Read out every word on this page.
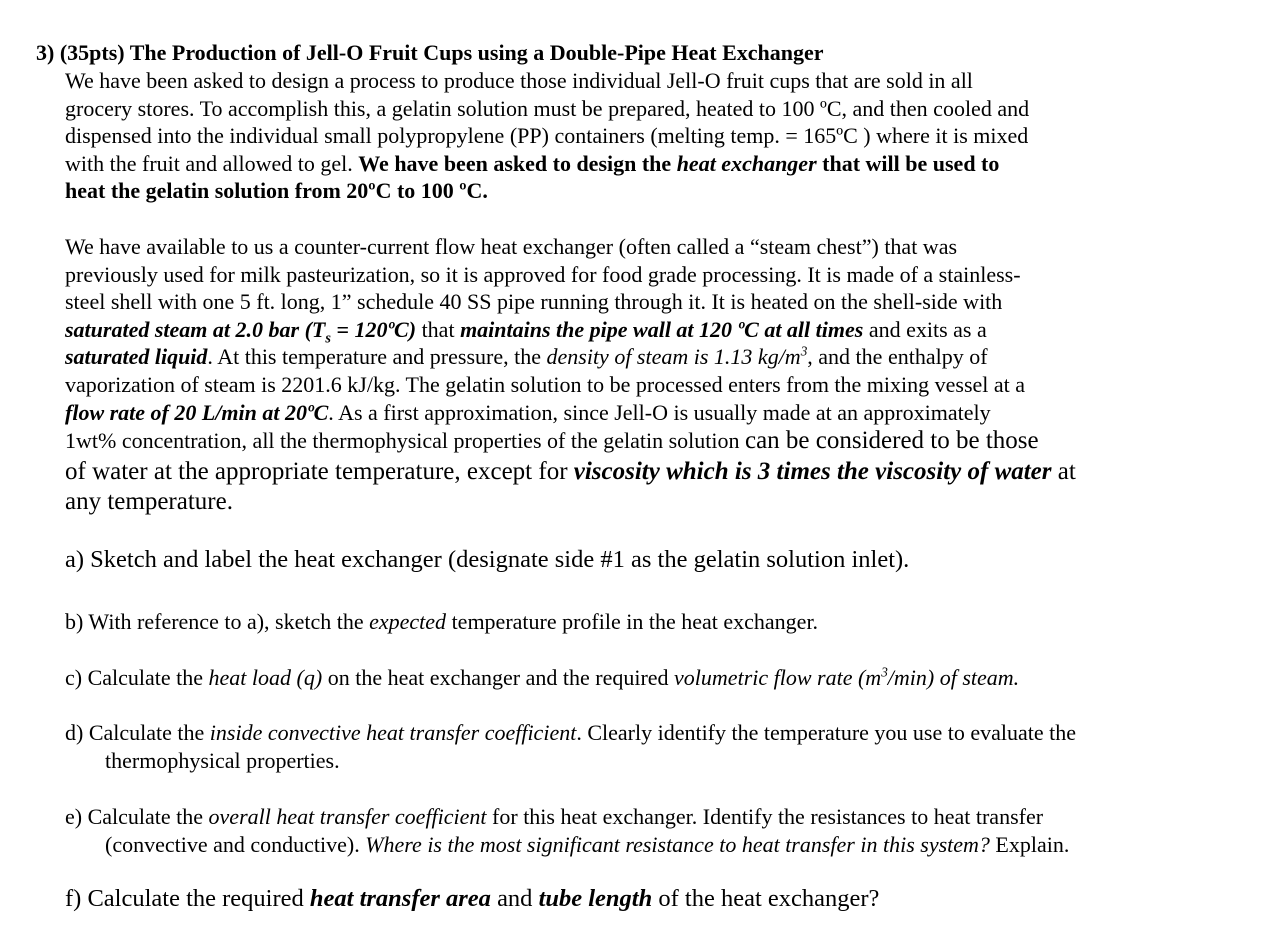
3) (35pts) The Production of Jell-O Fruit Cups using a Double-Pipe Heat Exchanger

We have been asked to design a process to produce those individual Jell-O fruit cups that are sold in all
grocery stores. To accomplish this, a gelatin solution must be prepared, heated to 100 ºC, and then cooled and
dispensed into the individual small polypropylene (PP) containers (melting temp. = 165ºC ) where it is mixed
with the fruit and allowed to gel. We have been asked to design the heat exchanger that will be used to
heat the gelatin solution from 20ºC to 100 ºC.
We have available to us a counter-current flow heat exchanger (often called a “steam chest”) that was
previously used for milk pasteurization, so it is approved for food grade processing. It is made of a stainless-
steel shell with one 5 ft. long, 1” schedule 40 SS pipe running through it. It is heated on the shell-side with
saturated steam at 2.0 bar ($T_s$ = 120ºC) that maintains the pipe wall at 120 ºC at all times and exits as a
saturated liquid. At this temperature and pressure, the density of steam is 1.13 $kg/m^3$, and the enthalpy of
vaporization of steam is 2201.6 kJ/kg. The gelatin solution to be processed enters from the mixing vessel at a
flow rate of 20 L/min at 20ºC. As a first approximation, since Jell-O is usually made at an approximately
1wt% concentration, all the thermophysical properties of the gelatin solution can be considered to be those
of water at the appropriate temperature, except for viscosity which is 3 times the viscosity of water at
any temperature.

a) Sketch and label the heat exchanger (designate side #1 as the gelatin solution inlet).

b) With reference to a), sketch the expected temperature profile in the heat exchanger.

c) Calculate the heat load (q) on the heat exchanger and the required volumetric flow rate $(m^3/\min)$ of steam.

d) Calculate the inside convective heat transfer coefficient. Clearly identify the temperature you use to evaluate the
thermophysical properties.

e) Calculate the overall heat transfer coefficient for this heat exchanger. Identify the resistances to heat transfer
(convective and conductive). Where is the most significant resistance to heat transfer in this system? Explain.

f) Calculate the required heat transfer area and tube length of the heat exchanger?
